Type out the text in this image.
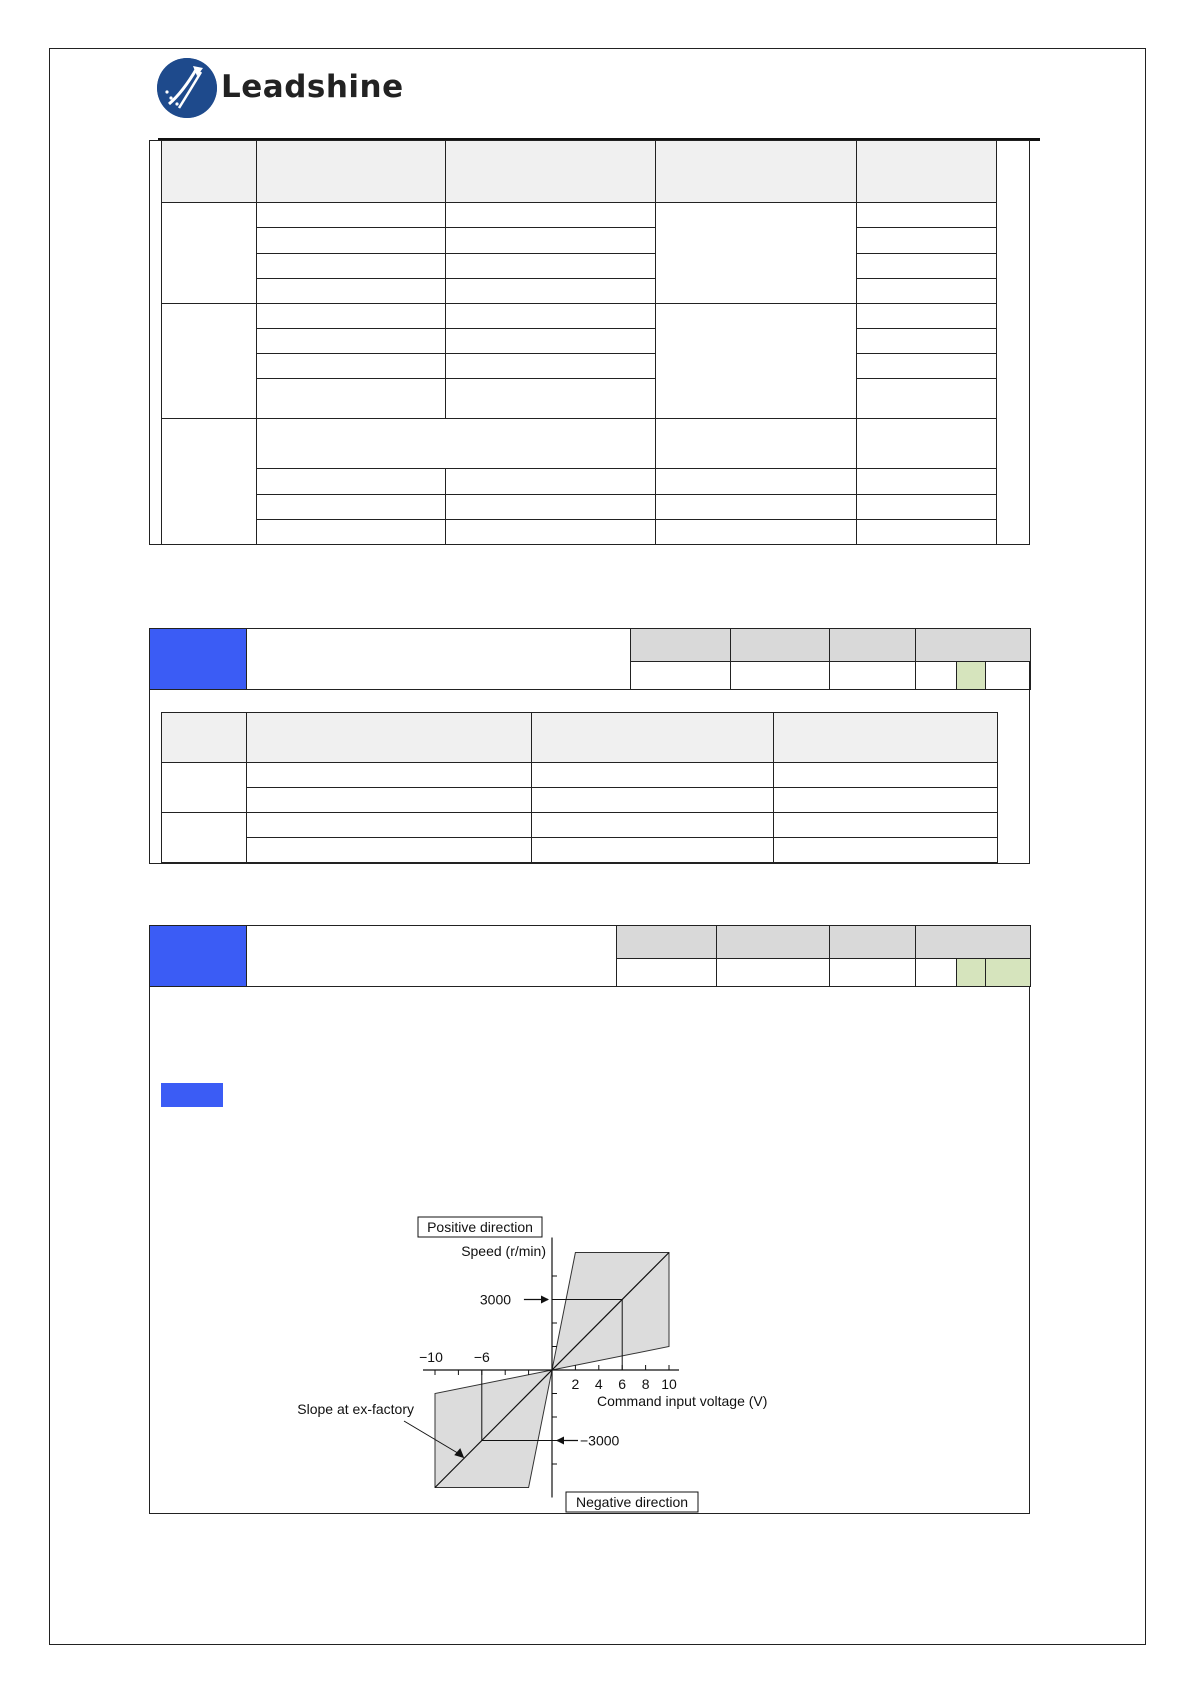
Leadshine

2 4 6 8 10
−10 −6
Speed (r/min)
Command input voltage (V)
3000
−3000
Positive direction
Negative direction
Slope at ex-factory
